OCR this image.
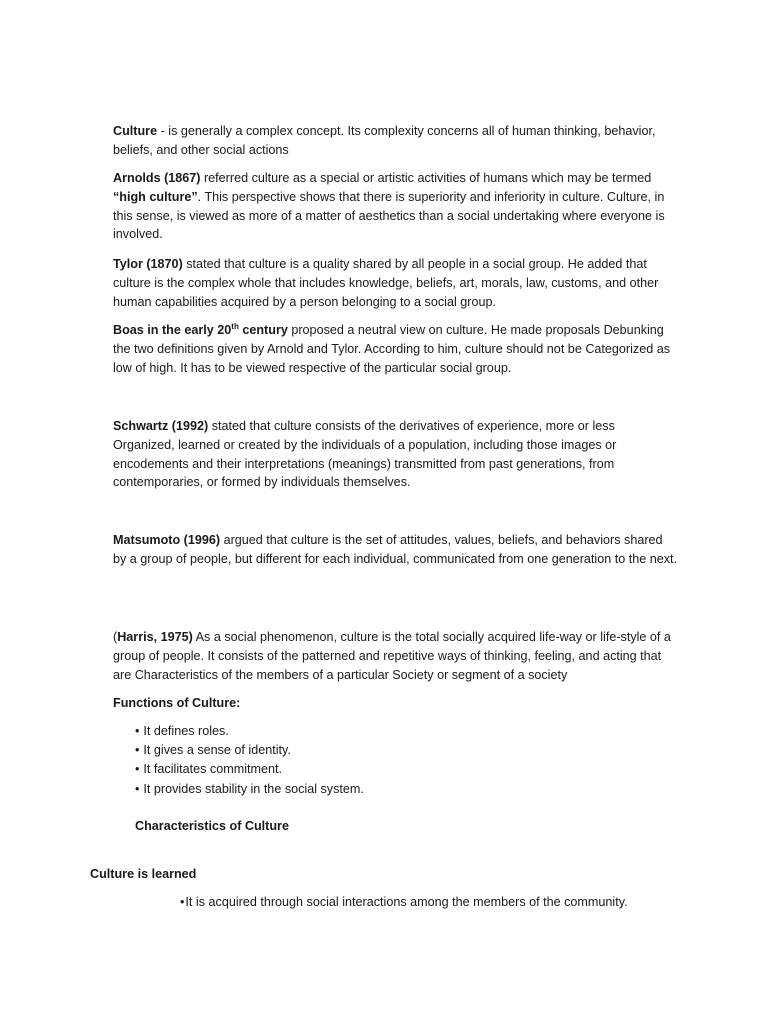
Culture - is generally a complex concept. Its complexity concerns all of human thinking, behavior, beliefs, and other social actions

Arnolds (1867) referred culture as a special or artistic activities of humans which may be termed “high culture”. This perspective shows that there is superiority and inferiority in culture. Culture, in this sense, is viewed as more of a matter of aesthetics than a social undertaking where everyone is involved.

Tylor (1870) stated that culture is a quality shared by all people in a social group. He added that culture is the complex whole that includes knowledge, beliefs, art, morals, law, customs, and other human capabilities acquired by a person belonging to a social group.

Boas in the early 20th century proposed a neutral view on culture. He made proposals Debunking the two definitions given by Arnold and Tylor. According to him, culture should not be Categorized as low of high. It has to be viewed respective of the particular social group.

Schwartz (1992) stated that culture consists of the derivatives of experience, more or less Organized, learned or created by the individuals of a population, including those images or encodements and their interpretations (meanings) transmitted from past generations, from contemporaries, or formed by individuals themselves.

Matsumoto (1996) argued that culture is the set of attitudes, values, beliefs, and behaviors shared by a group of people, but different for each individual, communicated from one generation to the next.

(Harris, 1975) As a social phenomenon, culture is the total socially acquired life-way or life-style of a group of people. It consists of the patterned and repetitive ways of thinking, feeling, and acting that are Characteristics of the members of a particular Society or segment of a society

Functions of Culture:

• It defines roles.
• It gives a sense of identity.
• It facilitates commitment.
• It provides stability in the social system.

Characteristics of Culture

Culture is learned

• It is acquired through social interactions among the members of the community.
